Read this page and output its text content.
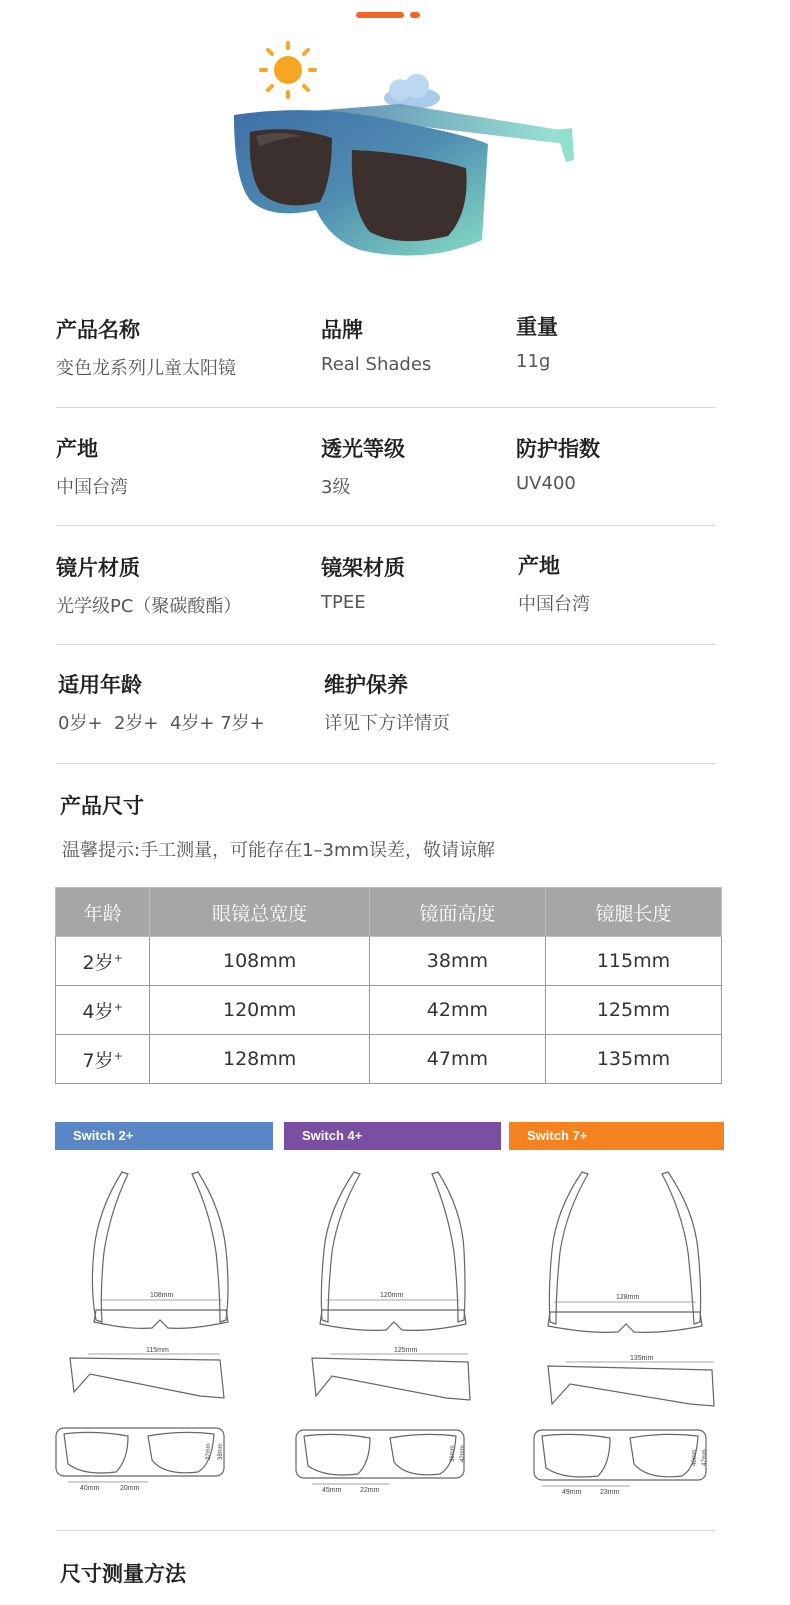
产品名称
变色龙系列儿童太阳镜
品牌
Real Shades
重量
11g
产地
中国台湾
透光等级
3级
防护指数
UV400
镜片材质
光学级PC（聚碳酸酯）
镜架材质
TPEE
产地
中国台湾
适用年龄
0岁+  2岁+  4岁+ 7岁+
维护保养
详见下方详情页
产品尺寸
温馨提示:手工测量，可能存在1–3mm误差，敬请谅解
年龄	眼镜总宽度	镜面高度	镜腿长度
2岁+	108mm	38mm	115mm
4岁+	120mm	42mm	125mm
7岁+	128mm	47mm	135mm
Switch 2+	Switch 4+	Switch 7+
108mm	120mm	128mm
115mm	125mm
135mm
40mm	20mm	45mm	22mm	49mm	23mm
37mm 38mm	36mm 42mm	40mm 47mm
尺寸测量方法
